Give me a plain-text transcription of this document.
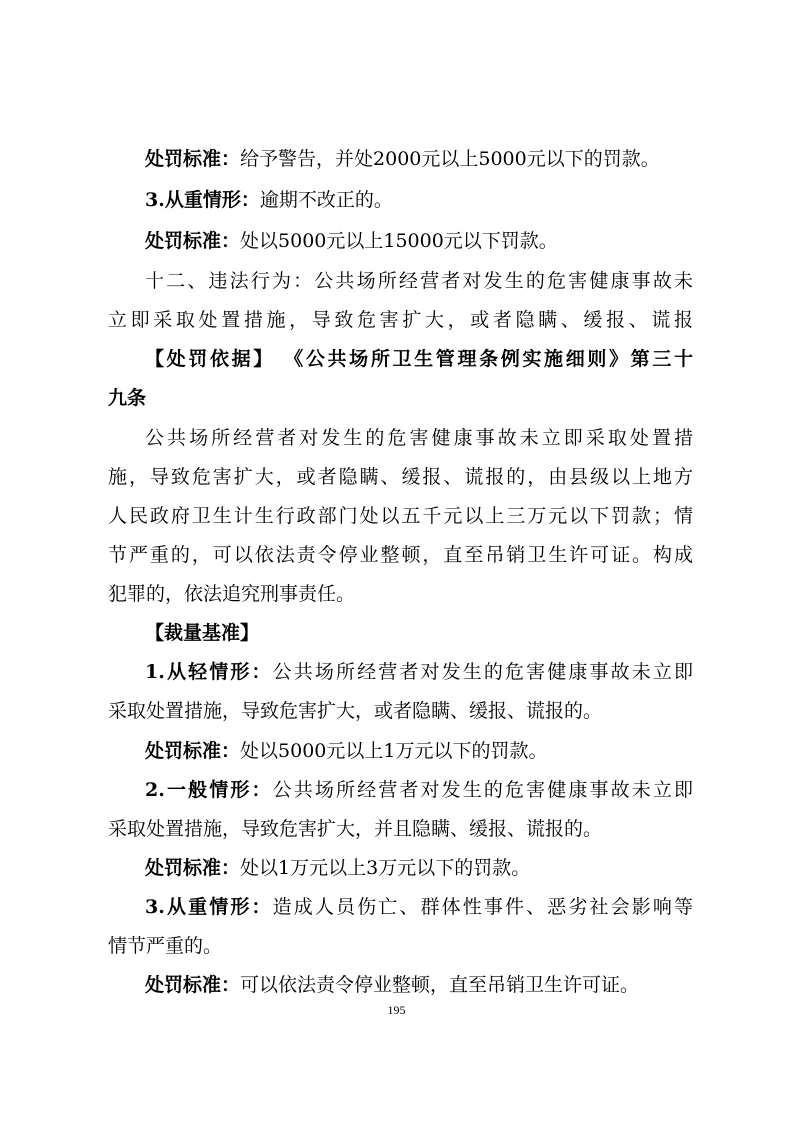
处罚标准：给予警告，并处2000元以上5000元以下的罚款。
3.从重情形：逾期不改正的。
处罚标准：处以5000元以上15000元以下罚款。
十二、违法行为：公共场所经营者对发生的危害健康事故未
立即采取处置措施，导致危害扩大，或者隐瞒、缓报、谎报
【处罚依据】 《公共场所卫生管理条例实施细则》第三十
九条
公共场所经营者对发生的危害健康事故未立即采取处置措
施，导致危害扩大，或者隐瞒、缓报、谎报的，由县级以上地方
人民政府卫生计生行政部门处以五千元以上三万元以下罚款；情
节严重的，可以依法责令停业整顿，直至吊销卫生许可证。构成
犯罪的，依法追究刑事责任。
【裁量基准】
1.从轻情形：公共场所经营者对发生的危害健康事故未立即
采取处置措施，导致危害扩大，或者隐瞒、缓报、谎报的。
处罚标准：处以5000元以上1万元以下的罚款。
2.一般情形：公共场所经营者对发生的危害健康事故未立即
采取处置措施，导致危害扩大，并且隐瞒、缓报、谎报的。
处罚标准：处以1万元以上3万元以下的罚款。
3.从重情形：造成人员伤亡、群体性事件、恶劣社会影响等
情节严重的。
处罚标准：可以依法责令停业整顿，直至吊销卫生许可证。
195
